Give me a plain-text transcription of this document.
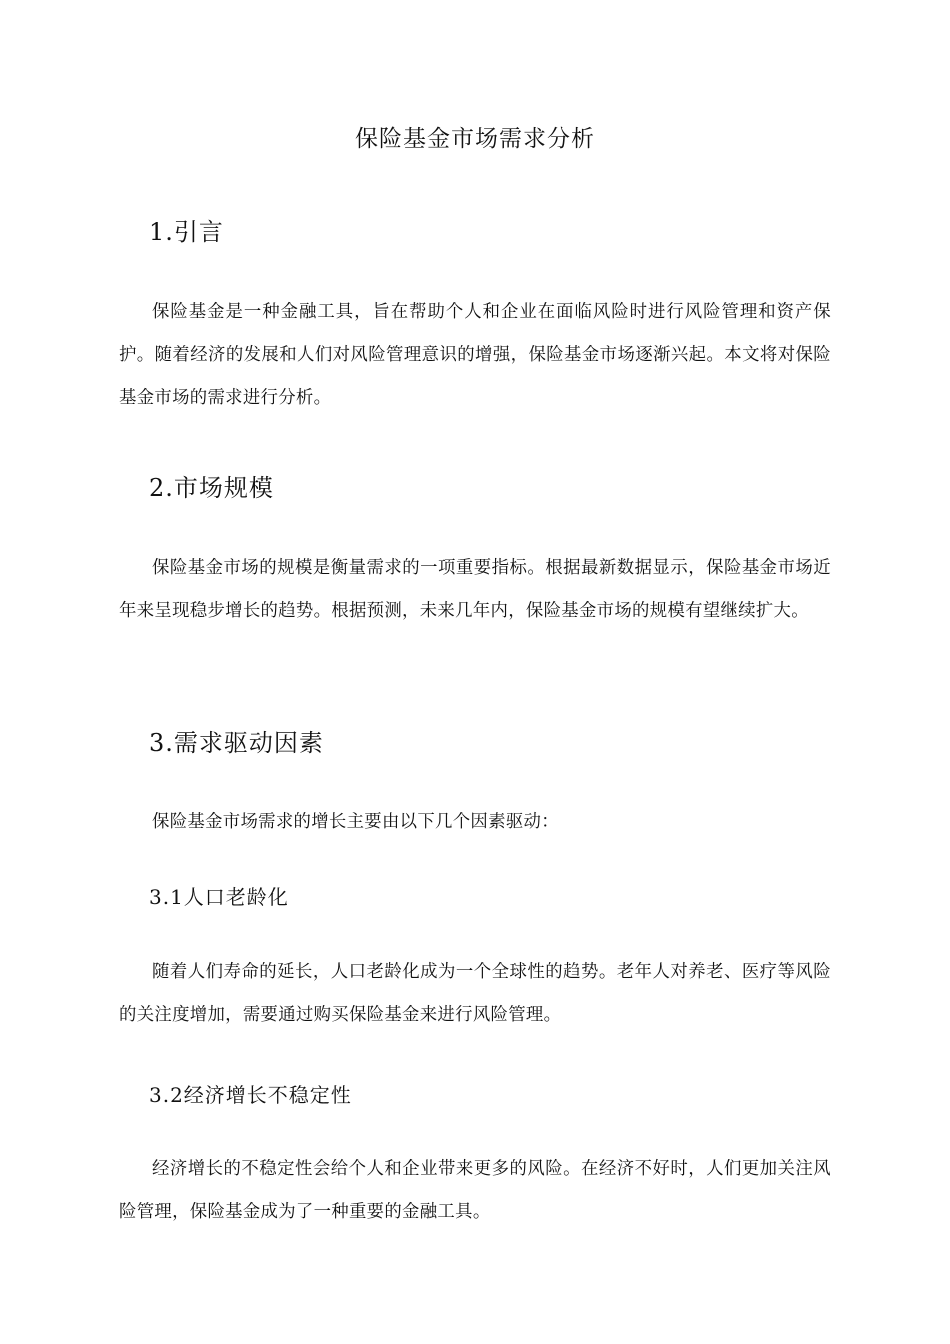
保险基金市场需求分析
1.引言

保险基金是一种金融工具，旨在帮助个人和企业在面临风险时进行风险管理和资产保护。随着经济的发展和人们对风险管理意识的增强，保险基金市场逐渐兴起。本文将对保险基金市场的需求进行分析。

2.市场规模

保险基金市场的规模是衡量需求的一项重要指标。根据最新数据显示，保险基金市场近年来呈现稳步增长的趋势。根据预测，未来几年内，保险基金市场的规模有望继续扩大。

3.需求驱动因素

保险基金市场需求的增长主要由以下几个因素驱动：

3.1人口老龄化

随着人们寿命的延长，人口老龄化成为一个全球性的趋势。老年人对养老、医疗等风险的关注度增加，需要通过购买保险基金来进行风险管理。

3.2经济增长不稳定性

经济增长的不稳定性会给个人和企业带来更多的风险。在经济不好时，人们更加关注风险管理，保险基金成为了一种重要的金融工具。
